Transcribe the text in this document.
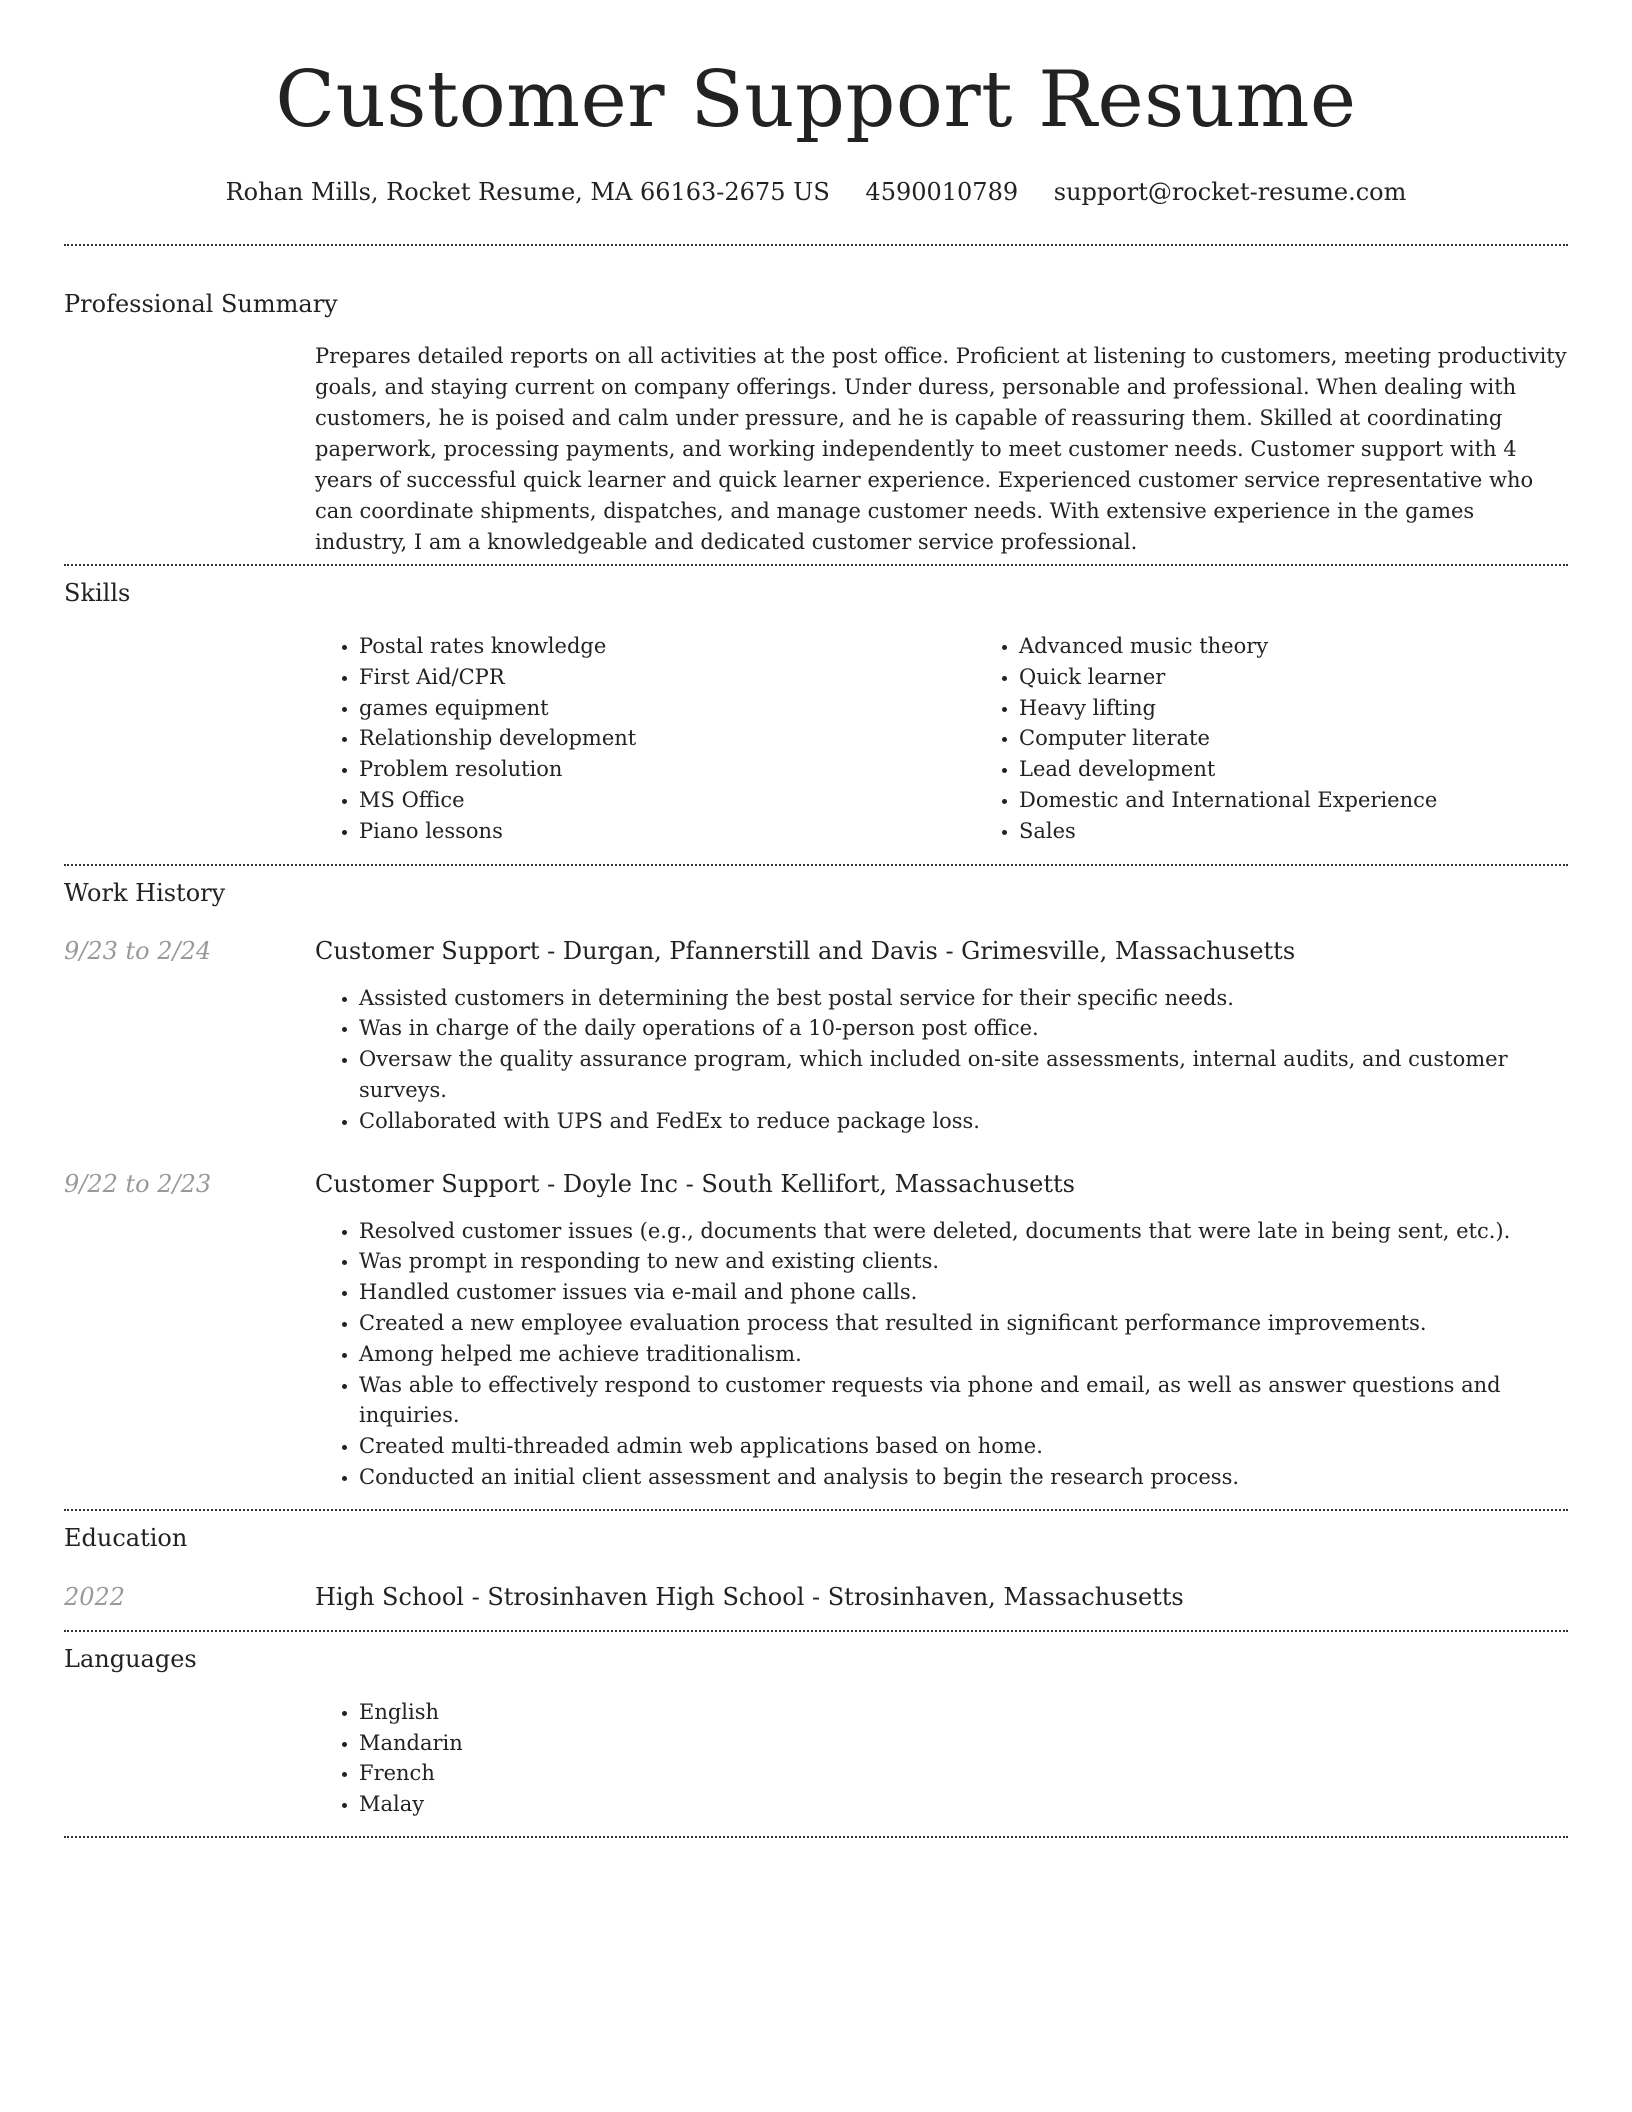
Customer Support Resume
Rohan Mills, Rocket Resume, MA 66163-2675 US 4590010789 support@rocket-resume.com
Professional Summary

Prepares detailed reports on all activities at the post office. Proficient at listening to customers, meeting productivity goals, and staying current on company offerings. Under duress, personable and professional. When dealing with customers, he is poised and calm under pressure, and he is capable of reassuring them. Skilled at coordinating paperwork, processing payments, and working independently to meet customer needs. Customer support with 4 years of successful quick learner and quick learner experience. Experienced customer service representative who can coordinate shipments, dispatches, and manage customer needs. With extensive experience in the games industry, I am a knowledgeable and dedicated customer service professional.

Skills
• Postal rates knowledge
• First Aid/CPR
• games equipment
• Relationship development
• Problem resolution
• MS Office
• Piano lessons
• Advanced music theory
• Quick learner
• Heavy lifting
• Computer literate
• Lead development
• Domestic and International Experience
• Sales
Work History
9/23 to 2/24	Customer Support - Durgan, Pfannerstill and Davis - Grimesville, Massachusetts
• Assisted customers in determining the best postal service for their specific needs.
• Was in charge of the daily operations of a 10-person post office.
• Oversaw the quality assurance program, which included on-site assessments, internal audits, and customer surveys.
• Collaborated with UPS and FedEx to reduce package loss.
9/22 to 2/23	Customer Support - Doyle Inc - South Kellifort, Massachusetts
• Resolved customer issues (e.g., documents that were deleted, documents that were late in being sent, etc.).
• Was prompt in responding to new and existing clients.
• Handled customer issues via e-mail and phone calls.
• Created a new employee evaluation process that resulted in significant performance improvements.
• Among helped me achieve traditionalism.
• Was able to effectively respond to customer requests via phone and email, as well as answer questions and inquiries.
• Created multi-threaded admin web applications based on home.
• Conducted an initial client assessment and analysis to begin the research process.
Education
2022	High School - Strosinhaven High School - Strosinhaven, Massachusetts
Languages
• English
• Mandarin
• French
• Malay
